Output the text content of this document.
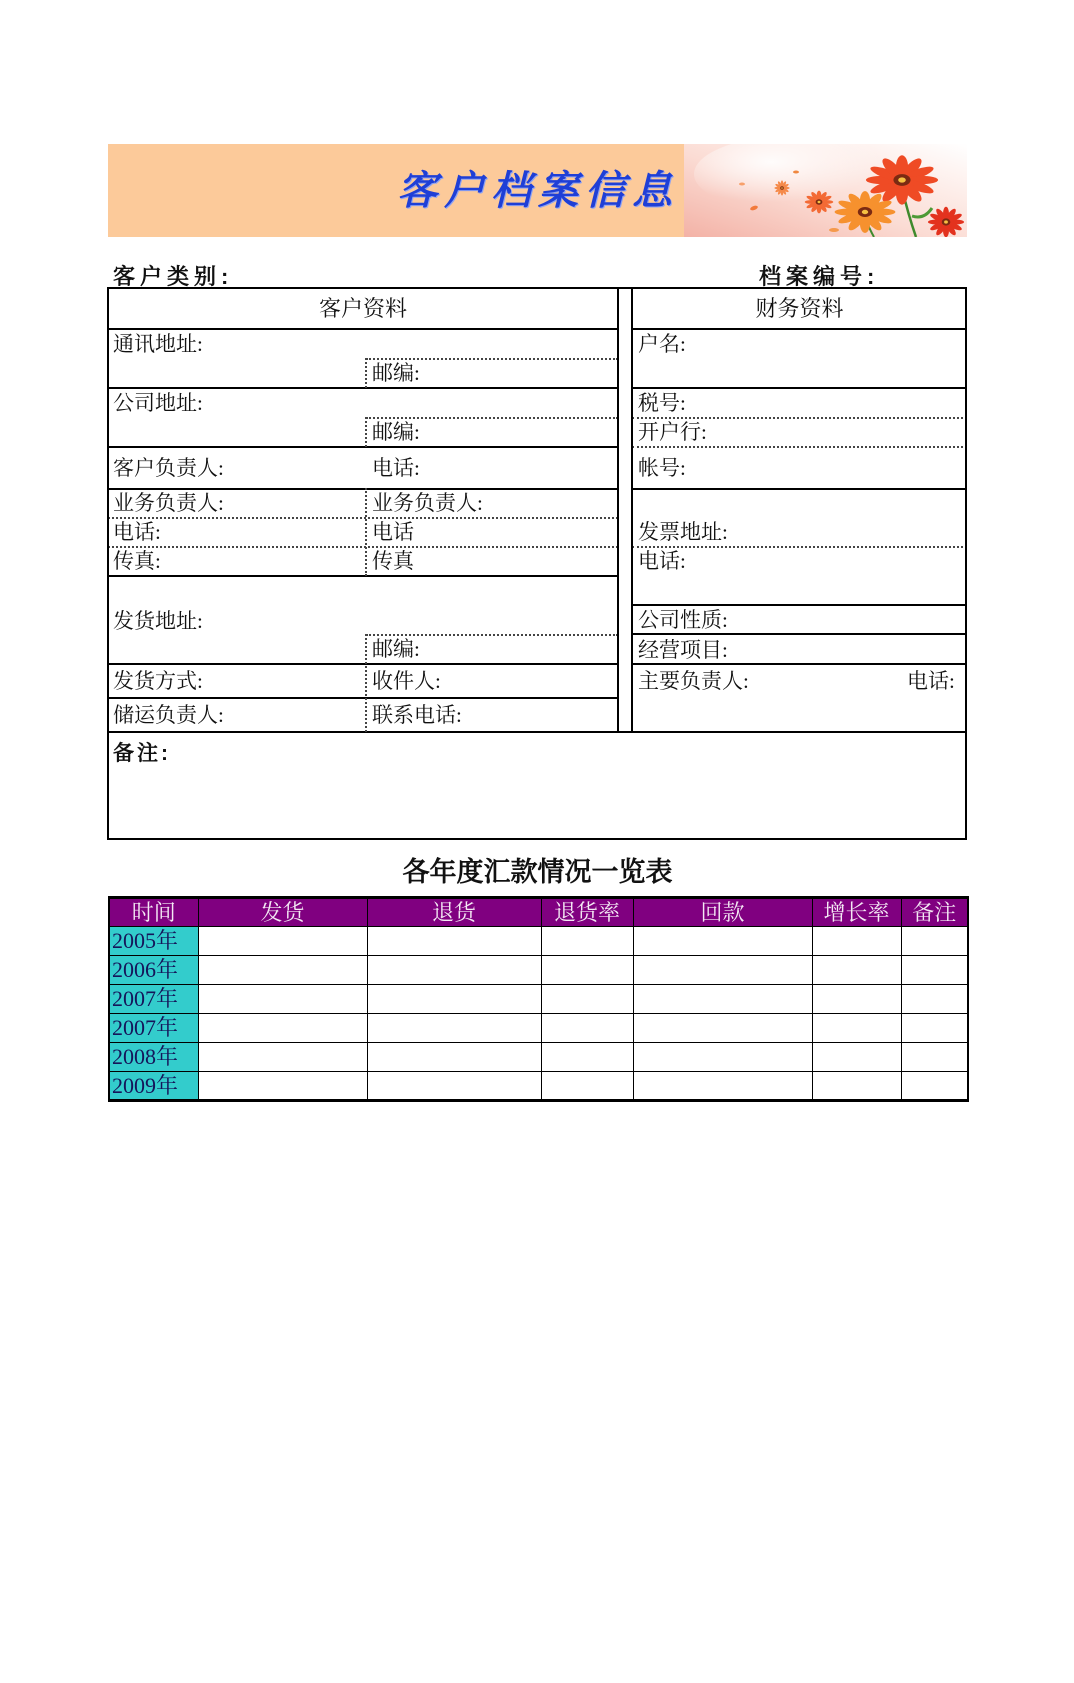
客户档案信息
客户类别:	档案编号:
客户资料	财务资料
通讯地址:
邮编:
公司地址:
邮编:
客户负责人:	电话:
业务负责人:	业务负责人:
电话:	电话
传真:	传真
发货地址:
邮编:
发货方式:	收件人:
储运负责人:	联系电话:
户名:
税号:
开户行:
帐号:
发票地址:
电话:
公司性质:
经营项目:
主要负责人:	电话:
备注:
各年度汇款情况一览表
时间	发货	退货	退货率	回款	增长率	备注
2005年						
2006年						
2007年						
2007年						
2008年						
2009年						
